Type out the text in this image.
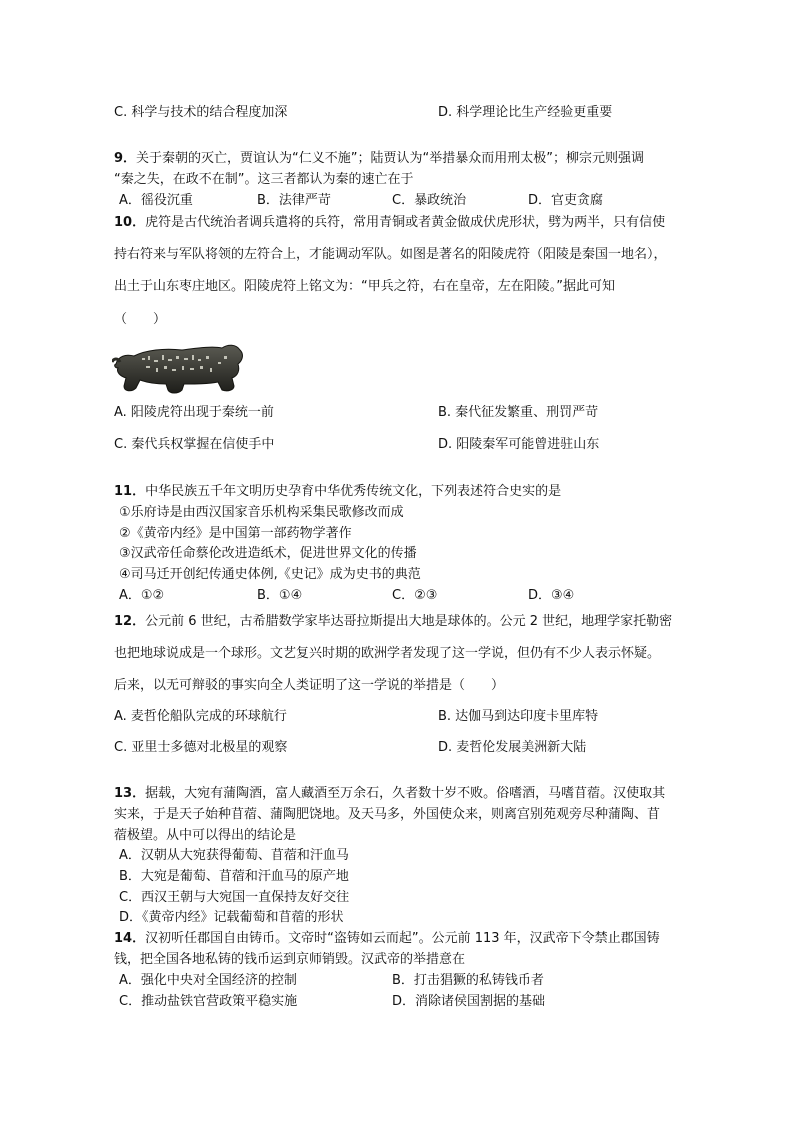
C. 科学与技术的结合程度加深	D. 科学理论比生产经验更重要
9．关于秦朝的灭亡，贾谊认为“仁义不施”；陆贾认为“举措暴众而用刑太极”；柳宗元则强调
“秦之失，在政不在制”。这三者都认为秦的速亡在于
A．徭役沉重	B．法律严苛	C．暴政统治	D．官吏贪腐
10．虎符是古代统治者调兵遣将的兵符，常用青铜或者黄金做成伏虎形状，劈为两半，只有信使
持右符来与军队将领的左符合上，才能调动军队。如图是著名的阳陵虎符（阳陵是秦国一地名），
出土于山东枣庄地区。阳陵虎符上铭文为：“甲兵之符，右在皇帝，左在阳陵。”据此可知
（　　）
A. 阳陵虎符出现于秦统一前	B. 秦代征发繁重、刑罚严苛
C. 秦代兵权掌握在信使手中	D. 阳陵秦军可能曾进驻山东
11．中华民族五千年文明历史孕育中华优秀传统文化，下列表述符合史实的是
①乐府诗是由西汉国家音乐机构采集民歌修改而成
②《黄帝内经》是中国第一部药物学著作
③汉武帝任命蔡伦改进造纸术，促进世界文化的传播
④司马迁开创纪传通史体例,《史记》成为史书的典范
A．①②	B．①④	C．②③	D．③④
12．公元前 6 世纪，古希腊数学家毕达哥拉斯提出大地是球体的。公元 2 世纪，地理学家托勒密
也把地球说成是一个球形。文艺复兴时期的欧洲学者发现了这一学说，但仍有不少人表示怀疑。
后来，以无可辩驳的事实向全人类证明了这一学说的举措是（　　）
A. 麦哲伦船队完成的环球航行	B. 达伽马到达印度卡里库特
C. 亚里士多德对北极星的观察	D. 麦哲伦发展美洲新大陆
13．据载，大宛有蒲陶酒，富人藏酒至万余石，久者数十岁不败。俗嗜酒，马嗜苜蓿。汉使取其
实来，于是天子始种苜蓿、蒲陶肥饶地。及天马多，外国使众来，则离宫别苑观旁尽种蒲陶、苜
蓿极望。从中可以得出的结论是
A．汉朝从大宛获得葡萄、苜蓿和汗血马
B．大宛是葡萄、苜蓿和汗血马的原产地
C．西汉王朝与大宛国一直保持友好交往
D．《黄帝内经》记载葡萄和苜蓿的形状
14．汉初听任郡国自由铸币。文帝时“盗铸如云而起”。公元前 113 年，汉武帝下令禁止郡国铸
钱，把全国各地私铸的钱币运到京师销毁。汉武帝的举措意在
A．强化中央对全国经济的控制	B．打击猖獗的私铸钱币者
C．推动盐铁官营政策平稳实施	D．消除诸侯国割据的基础
